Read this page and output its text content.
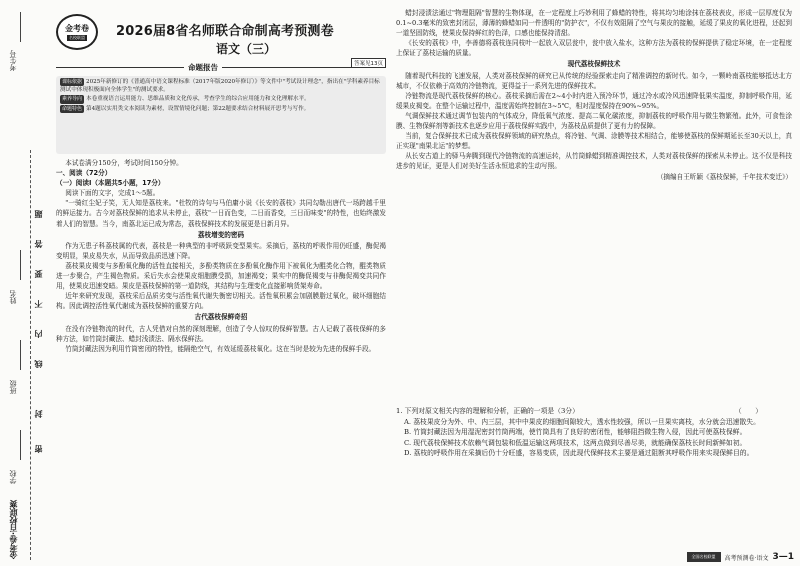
考生号
题
答
要
姓名 不
内
线
班级
封
密
学校
金考卷·百校联赛
金考卷
名校联盟 2026届8省名师联合命制高考预测卷
语文（三）
命题报告	答案见13页

课标依据 2025年新修订的《普通高中语文课程标准（2017年版2020年修订）》等文件中"考试设计理念"，指出在"学科素养目标测试中体现积极面向全体学生"的测试要求。

素养导向 本卷重视语言运用能力、思维品质和文化传承，考查学生的综合应用能力和文化理解水平。

命题特色 第4题以实用类文本阅读为素材，设置情境化问题；第22题要求结合材料展开思考与写作。

本试卷满分150分，考试时间150分钟。

一、阅读（72分）

（一）阅读Ⅰ（本题共5小题，17分）

阅读下面的文字，完成1～5题。

"一骑红尘妃子笑，无人知是荔枝来。"杜牧的诗句与马伯庸小说《长安的荔枝》共同勾勒出唐代一场跨越千里的鲜运接力。古今对荔枝保鲜的追求从未停止，荔枝"一日而色变，二日而香变，三日而味变"的特性，也始终激发着人们的智慧。当今，南荔北运已成为常态，荔枝保鲜技术的发展更是日新月异。

荔枝增变的密码

作为无患子科荔枝属的代表，荔枝是一种典型的非呼吸跃变型果实。采摘后，荔枝的呼吸作用仍旺盛，酶促褐变明显，果皮易失水，从而导致品质迅速下降。

荔枝果皮褐变与多酚氧化酶的活性直接相关，多酚类物质在多酚氧化酶作用下被氧化为醌类化合物，醌类物质进一步聚合，产生褐色物质。采后失水会使果皮细胞膜受损，加速褐变；果实中的酶促褐变与非酶促褐变共同作用，使果皮迅速变暗。果皮是荔枝保鲜的第一道防线，其结构与生理变化直接影响货架寿命。

近年来研究发现，荔枝采后品质劣变与活性氧代谢失衡密切相关。活性氧积累会加剧膜脂过氧化，破坏细胞结构。因此调控活性氧代谢成为荔枝保鲜的重要方向。

古代荔枝保鲜奇招

在没有冷链物流的时代，古人凭借对自然的深刻理解，创造了令人惊叹的保鲜智慧。古人记载了荔枝保鲜的多种方法，如竹筒封藏法、蜡封浅渍法、隔水保鲜法。

竹筒封藏法因为利用竹筒密闭的特性，能隔绝空气，有效延缓荔枝氧化。这在当时是较为先进的保鲜手段。

蜡封浸渍法通过"物理阻隔"智慧的生物体现，在一定程度上巧妙利用了蜂蜡的特性，将其均匀地涂抹在荔枝表皮，形成一层厚度仅为0.1~0.3毫米的致密封闭层，薄薄的蜂蜡如同一件透明的"防护衣"，不仅有效阻隔了空气与果皮的接触，延缓了果皮的氧化进程，还起到一道坚固防线，使果皮保持鲜红的色泽，口感也能保持清甜。

《长安的荔枝》中，李善德将荔枝连同枝叶一起放入双层瓮中，瓮中放入盐水，这种方法为荔枝的保鲜提供了稳定环境，在一定程度上保证了荔枝运输的质量。

现代荔枝保鲜技术

随着现代科技的飞速发展，人类对荔枝保鲜的研究已从传统的经验探索走向了精准调控的新时代。如今，一颗岭南荔枝能够抵达北方城市，不仅依赖于高效的冷链物流，更得益于一系列先进的保鲜技术。

冷链物流是现代荔枝保鲜的核心。荔枝采摘后需在2~4小时内进入预冷环节，通过冷水或冷风迅速降低果实温度，抑制呼吸作用，延缓果皮褐变。在整个运输过程中，温度需始终控制在3~5℃，相对湿度保持在90%~95%。

气调保鲜技术通过调节包装内的气体成分，降低氧气浓度、提高二氧化碳浓度，抑制荔枝的呼吸作用与微生物繁殖。此外，可食性涂膜、生物保鲜剂等新技术也逐步应用于荔枝保鲜实践中，为荔枝品质提供了更有力的保障。

当前，复合保鲜技术已成为荔枝保鲜领域的研究热点，将冷链、气调、涂膜等技术相结合，能够使荔枝的保鲜期延长至30天以上，真正实现"南果北运"的梦想。

从长安古道上的驿马奔腾到现代冷链物流的高速运转，从竹筒蜂蜡到精准调控技术，人类对荔枝保鲜的探索从未停止。这不仅是科技进步的见证，更是人们对美好生活永恒追求的生动写照。

（摘编自王昕颖《荔枝保鲜，千年技术变迁》）

1. 下列对原文相关内容的理解和分析，正确的一项是（3分）	（　　）
A. 荔枝果皮分为外、中、内三层，其中中果皮的细胞间隙较大，透水性较强，所以一旦果实离枝，水分就会迅速散失。
B. 竹筒封藏法因为用湿泥密封竹筒两端，使竹筒具有了良好的密闭性，能够阻挡微生物入侵，因此可使荔枝保鲜。
C. 现代荔枝保鲜技术依赖气调包装和低温运输这两项技术，这两点做到尽善尽美，就能确保荔枝长时间新鲜如初。
D. 荔枝的呼吸作用在采摘后仍十分旺盛，容易变质，因此现代保鲜技术主要是通过阻断其呼吸作用来实现保鲜目的。
全国名校联盟	高考预测卷·语文 3—1
